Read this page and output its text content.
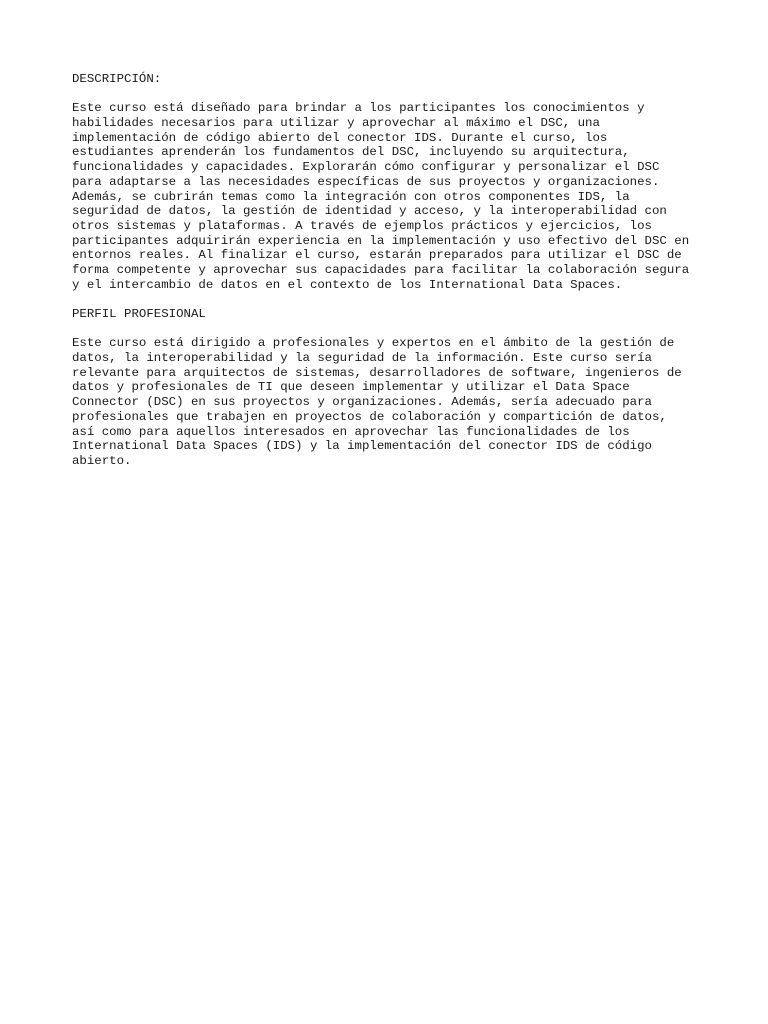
DESCRIPCIÓN:
Este curso está diseñado para brindar a los participantes los conocimientos y
habilidades necesarios para utilizar y aprovechar al máximo el DSC, una
implementación de código abierto del conector IDS. Durante el curso, los
estudiantes aprenderán los fundamentos del DSC, incluyendo su arquitectura,
funcionalidades y capacidades. Explorarán cómo configurar y personalizar el DSC
para adaptarse a las necesidades específicas de sus proyectos y organizaciones.
Además, se cubrirán temas como la integración con otros componentes IDS, la
seguridad de datos, la gestión de identidad y acceso, y la interoperabilidad con
otros sistemas y plataformas. A través de ejemplos prácticos y ejercicios, los
participantes adquirirán experiencia en la implementación y uso efectivo del DSC en
entornos reales. Al finalizar el curso, estarán preparados para utilizar el DSC de
forma competente y aprovechar sus capacidades para facilitar la colaboración segura
y el intercambio de datos en el contexto de los International Data Spaces.
PERFIL PROFESIONAL
Este curso está dirigido a profesionales y expertos en el ámbito de la gestión de
datos, la interoperabilidad y la seguridad de la información. Este curso sería
relevante para arquitectos de sistemas, desarrolladores de software, ingenieros de
datos y profesionales de TI que deseen implementar y utilizar el Data Space
Connector (DSC) en sus proyectos y organizaciones. Además, sería adecuado para
profesionales que trabajen en proyectos de colaboración y compartición de datos,
así como para aquellos interesados en aprovechar las funcionalidades de los
International Data Spaces (IDS) y la implementación del conector IDS de código
abierto.
